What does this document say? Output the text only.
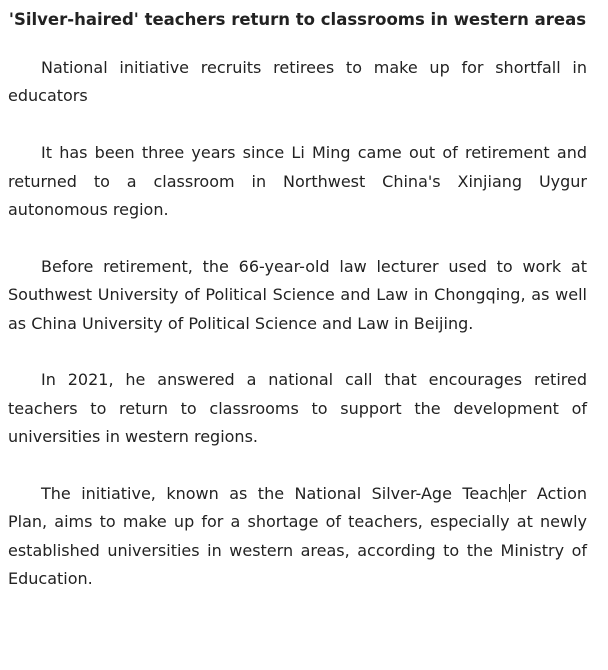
'Silver-haired' teachers return to classrooms in western areas

National initiative recruits retirees to make up for shortfall in educators

It has been three years since Li Ming came out of retirement and returned to a classroom in Northwest China's Xinjiang Uygur autonomous region.

Before retirement, the 66-year-old law lecturer used to work at Southwest University of Political Science and Law in Chongqing, as well as China University of Political Science and Law in Beijing.

In 2021, he answered a national call that encourages retired teachers to return to classrooms to support the development of universities in western regions.

The initiative, known as the National Silver-Age Teach er Action Plan, aims to make up for a shortage of teachers, especially at newly established universities in western areas, according to the Ministry of Education.
